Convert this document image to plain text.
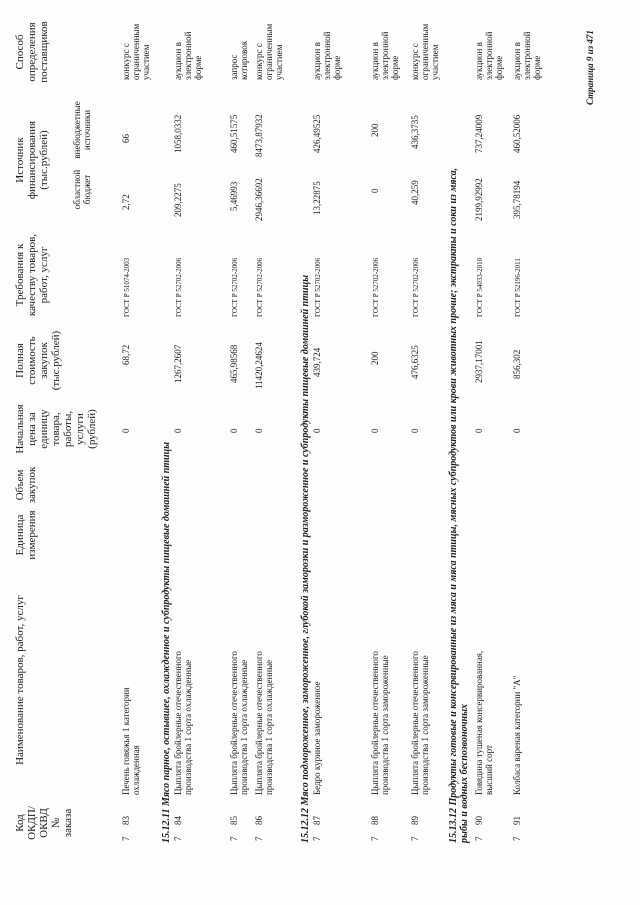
Код ОКДП/ ОКВД № заказа
Наименование товаров, работ, услуг
Единица измерения
Объем закупок
Начальная цена за единицу товара, работы, услуги (рублей)
Полная стоимость закупок (тыс.рублей)
Требования к качеству товаров, работ, услуг
Источник финансирования (тыс.рублей) областной бюджет
внебюджетные источники
Способ определения поставщиков
7
83
Печень говяжья 1 категории охлажденная
0
68,72
ГОСТ Р 51074-2003
2,72
66
конкурс с ограниченным участием
15.12.11 Мясо парное, остывшее, охлажденное и субпродукты пищевые домашней птицы
7
84
Цыплята бройлерные отечественного производства 1 сорта охлажденные
0
1267,2607
ГОСТ Р 52702-2006
209,2275
1058,0332
аукцион в электронной форме
7
85
Цыплята бройлерные отечественного производства 1 сорта охлажденные
0
465,98568
ГОСТ Р 52702-2006
5,46993
460,51575
запрос котировок
7
86
Цыплята бройлерные отечественного производства 1 сорта охлажденные
0
11420,24624
ГОСТ Р 52702-2006
2946,36692
8473,87932
конкурс с ограниченным участием
15.12.12 Мясо подмороженное, замороженное, глубокой заморозки и размороженное и субпродукты пищевые домашней птицы
7
87
Бедро куриное замороженное
0
439,724
ГОСТ Р 52702-2006
13,22875
426,49525
аукцион в электронной форме
7
88
Цыплята бройлерные отечественного производства 1 сорта замороженные
0
200
ГОСТ Р 52702-2006
0
200
аукцион в электронной форме
7
89
Цыплята бройлерные отечественного производства 1 сорта замороженные
0
476,6325
ГОСТ Р 52702-2006
40,259
436,3735
конкурс с ограниченным участием
15.13.12 Продукты готовые и консервированные из мяса и мяса птицы, мясных субпродуктов или крови животных прочие; экстракты и соки из мяса, рыбы и водных беспозвоночных 7
90
Говядина тушеная консервированная, высший сорт
0
2937,17001
ГОСТ Р 54033-2010
2199,92992
737,24009
аукцион в электронной форме
7
91
Колбаса вареная категории "А"
0
856,302
ГОСТ Р 52196-2011
395,78194
460,52006
аукцион в электронной форме	Страница 9 из 471
